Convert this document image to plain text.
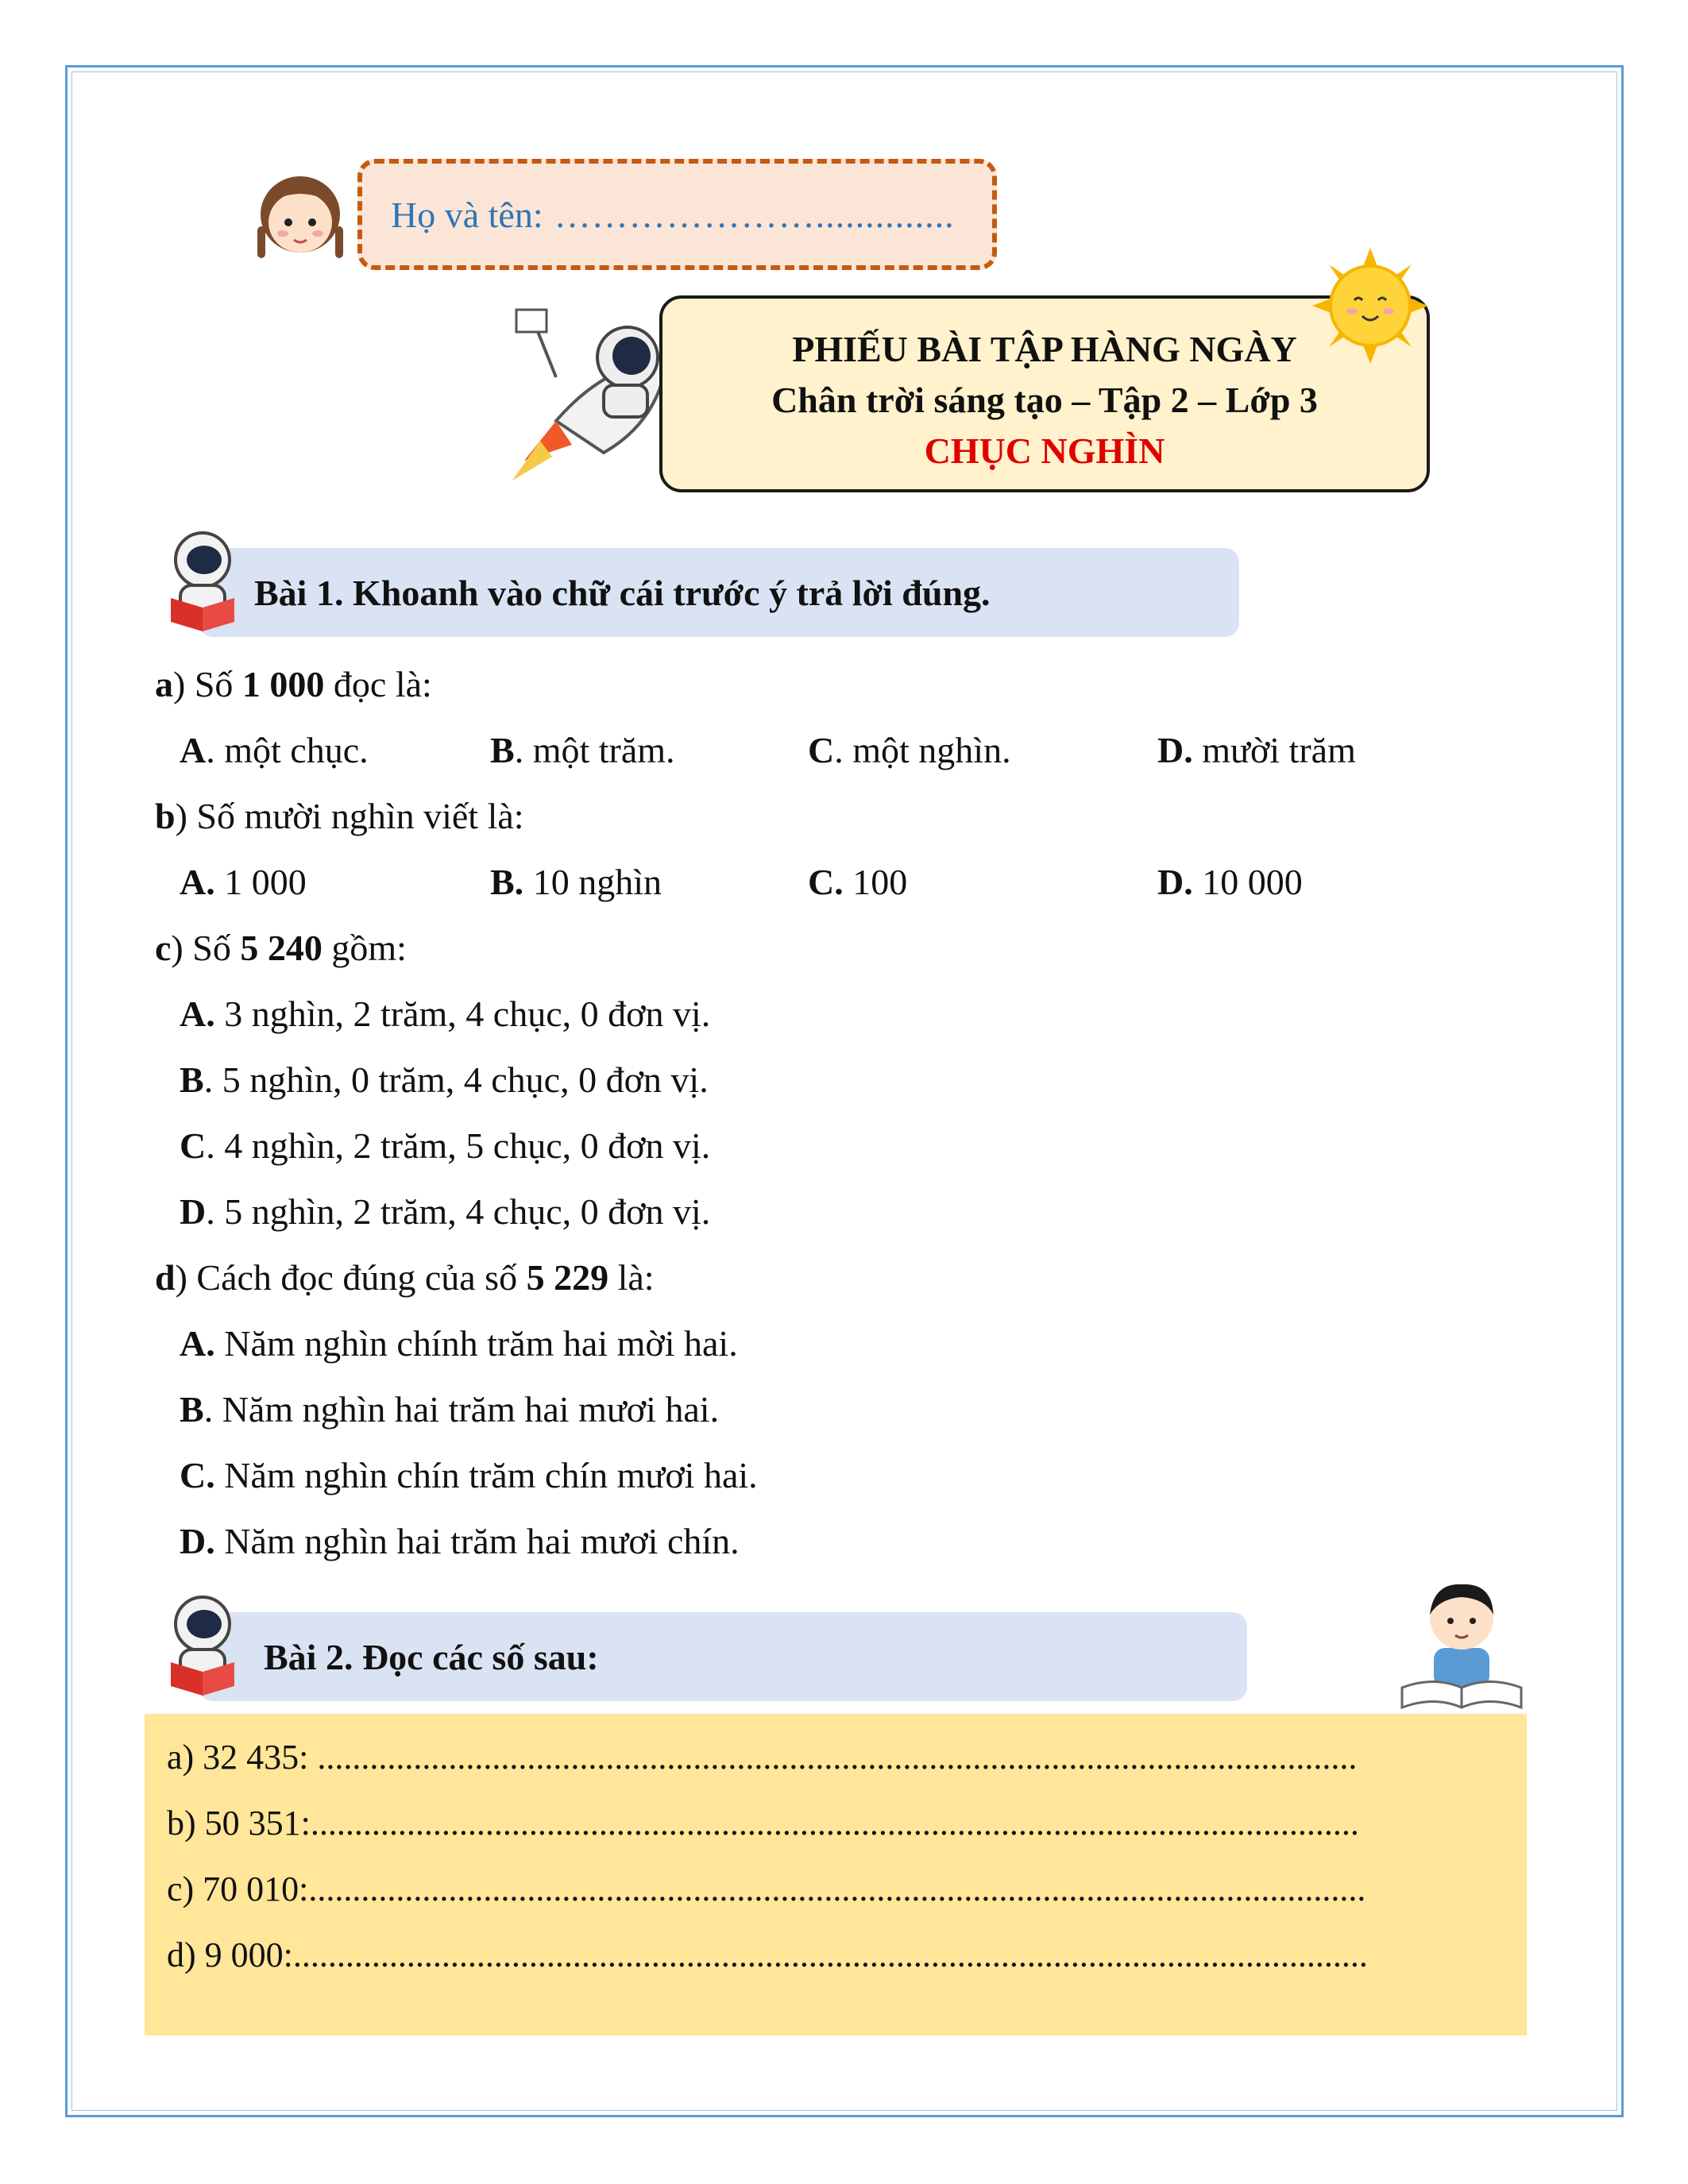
Họ và tên: …………………..............
PHIẾU BÀI TẬP HÀNG NGÀY
Chân trời sáng tạo – Tập 2 – Lớp 3
CHỤC NGHÌN
Bài 1. Khoanh vào chữ cái trước ý trả lời đúng.
a) Số 1 000 đọc là:
A. một chục.	B. một trăm.	C. một nghìn.	D. mười trăm
b) Số mười nghìn viết là:
A. 1 000	B. 10 nghìn	C. 100	D. 10 000
c) Số 5 240 gồm:
A. 3 nghìn, 2 trăm, 4 chục, 0 đơn vị.
B. 5 nghìn, 0 trăm, 4 chục, 0 đơn vị.
C. 4 nghìn, 2 trăm, 5 chục, 0 đơn vị.
D. 5 nghìn, 2 trăm, 4 chục, 0 đơn vị.
d) Cách đọc đúng của số 5 229 là:
A. Năm nghìn chính trăm hai mời hai.
B. Năm nghìn hai trăm hai mươi hai.
C. Năm nghìn chín trăm chín mươi hai.
D. Năm nghìn hai trăm hai mươi chín.
Bài 2. Đọc các số sau:
a) 32 435: .......................................................................................................................
b) 50 351:........................................................................................................................
c) 70 010:.........................................................................................................................
d) 9 000:...........................................................................................................................
